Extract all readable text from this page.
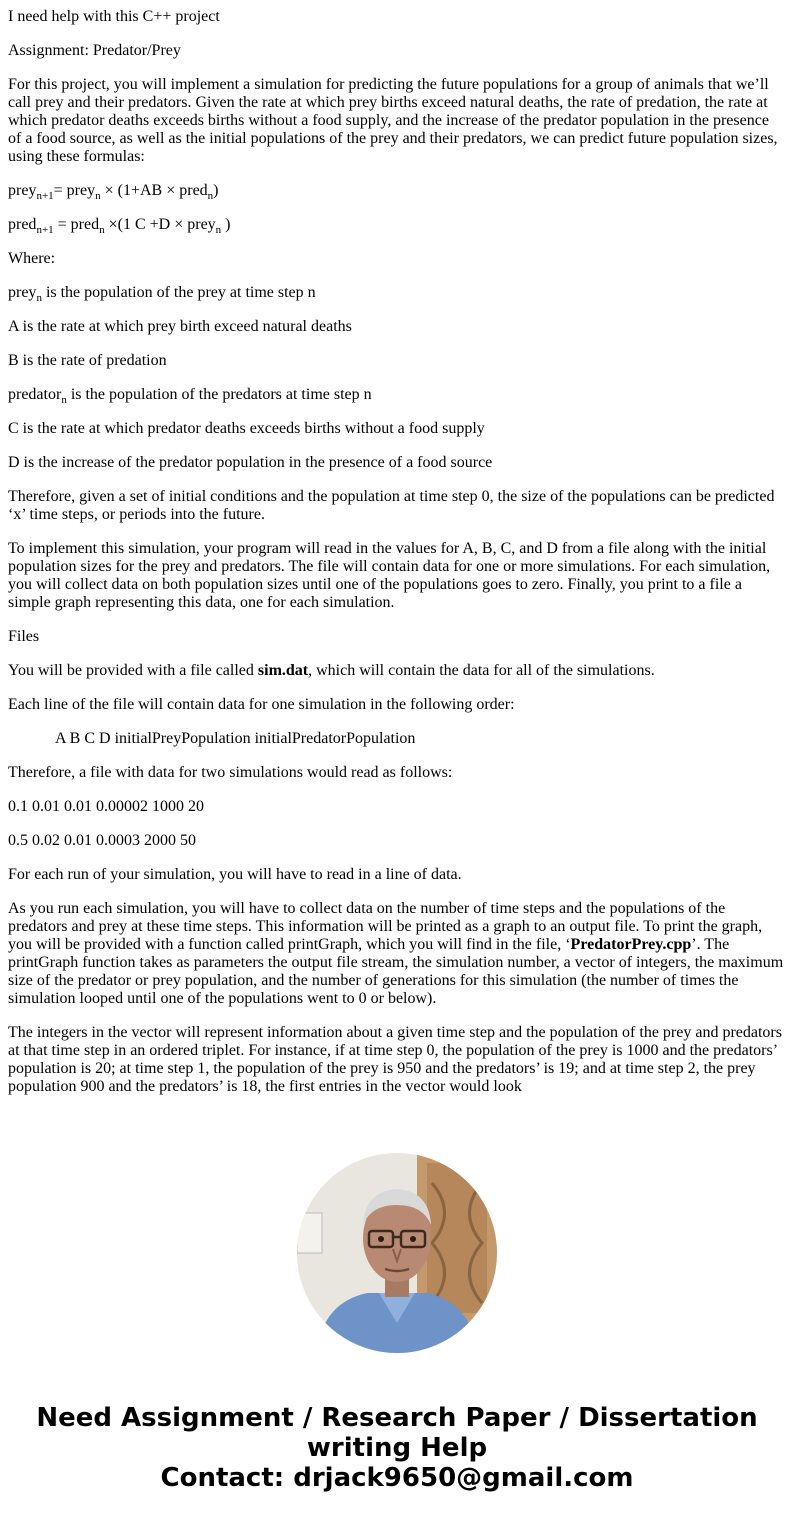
I need help with this C++ project

Assignment: Predator/Prey

For this project, you will implement a simulation for predicting the future populations for a group of animals that we’ll call prey and their predators. Given the rate at which prey births exceed natural deaths, the rate of predation, the rate at which predator deaths exceeds births without a food supply, and the increase of the predator population in the presence of a food source, as well as the initial populations of the prey and their predators, we can predict future population sizes, using these formulas:

prey$_{n+1}$= prey$_n$ × (1+AB × pred$_n$)

pred$_{n+1}$ = pred$_n$ ×(1 C +D × prey$_n$ )

Where:

prey$_n$ is the population of the prey at time step n

A is the rate at which prey birth exceed natural deaths

B is the rate of predation

predator$_n$ is the population of the predators at time step n

C is the rate at which predator deaths exceeds births without a food supply

D is the increase of the predator population in the presence of a food source

Therefore, given a set of initial conditions and the population at time step 0, the size of the populations can be predicted ‘x’ time steps, or periods into the future.

To implement this simulation, your program will read in the values for A, B, C, and D from a file along with the initial population sizes for the prey and predators. The file will contain data for one or more simulations. For each simulation, you will collect data on both population sizes until one of the populations goes to zero. Finally, you print to a file a simple graph representing this data, one for each simulation.

Files

You will be provided with a file called sim.dat, which will contain the data for all of the simulations.

Each line of the file will contain data for one simulation in the following order:

A B C D initialPreyPopulation initialPredatorPopulation

Therefore, a file with data for two simulations would read as follows:

0.1 0.01 0.01 0.00002 1000 20

0.5 0.02 0.01 0.0003 2000 50

For each run of your simulation, you will have to read in a line of data.

As you run each simulation, you will have to collect data on the number of time steps and the populations of the predators and prey at these time steps. This information will be printed as a graph to an output file. To print the graph, you will be provided with a function called printGraph, which you will find in the file, ‘PredatorPrey.cpp’. The printGraph function takes as parameters the output file stream, the simulation number, a vector of integers, the maximum size of the predator or prey population, and the number of generations for this simulation (the number of times the simulation looped until one of the populations went to 0 or below).

The integers in the vector will represent information about a given time step and the population of the prey and predators at that time step in an ordered triplet. For instance, if at time step 0, the population of the prey is 1000 and the predators’ population is 20; at time step 1, the population of the prey is 950 and the predators’ is 19; and at time step 2, the prey population 900 and the predators’ is 18, the first entries in the vector would look

Need Assignment / Research Paper / Dissertation
writing Help
Contact: drjack9650@gmail.com
